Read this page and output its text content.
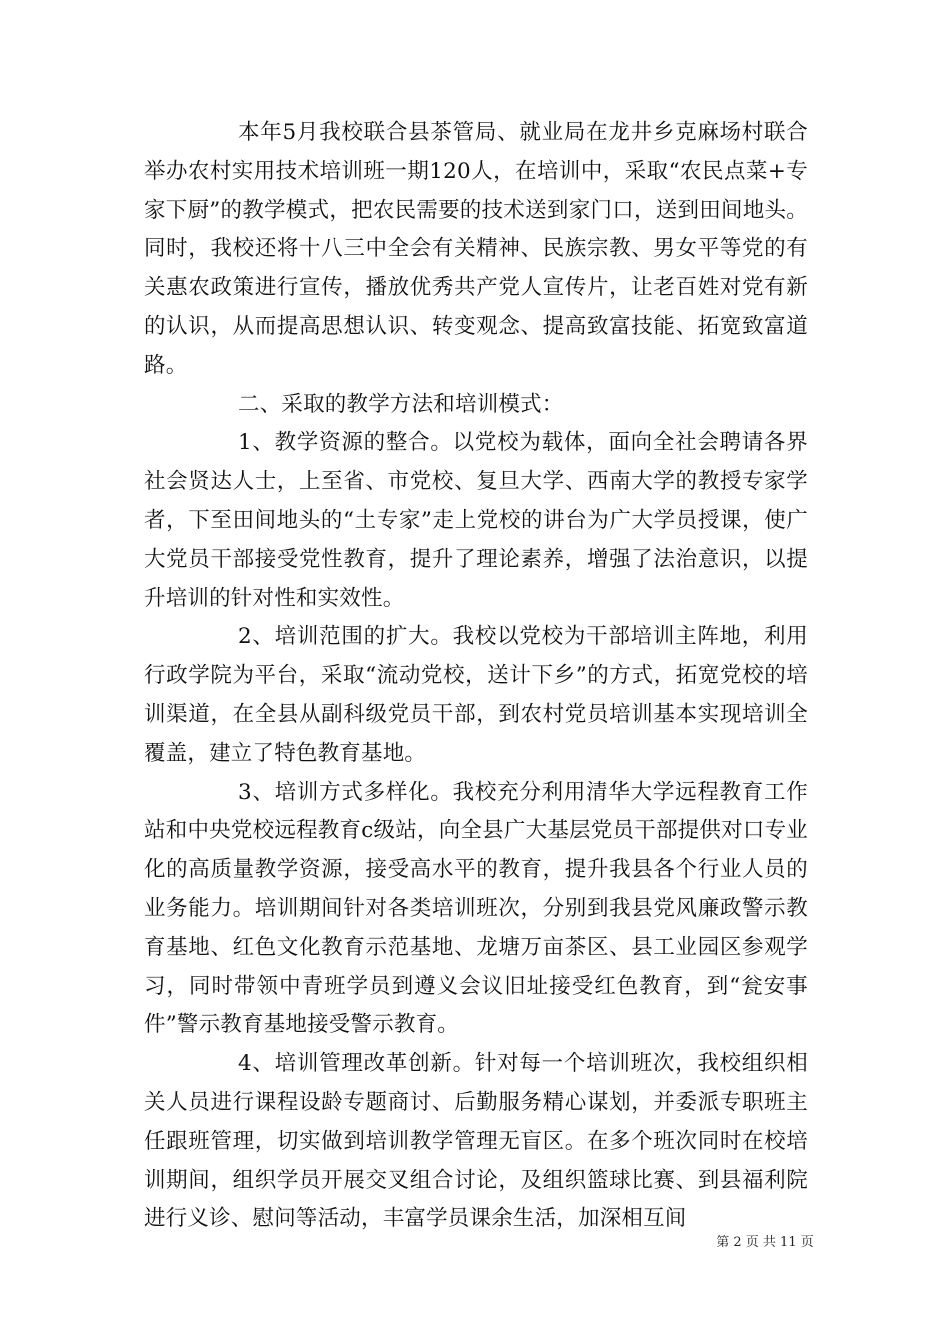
本年5月我校联合县茶管局、就业局在龙井乡克麻场村联合举办农村实用技术培训班一期120人，在培训中，采取“农民点菜+专家下厨”的教学模式，把农民需要的技术送到家门口，送到田间地头。同时，我校还将十八三中全会有关精神、民族宗教、男女平等党的有关惠农政策进行宣传，播放优秀共产党人宣传片，让老百姓对党有新的认识，从而提高思想认识、转变观念、提高致富技能、拓宽致富道路。

二、采取的教学方法和培训模式：

1、教学资源的整合。以党校为载体，面向全社会聘请各界社会贤达人士，上至省、市党校、复旦大学、西南大学的教授专家学者，下至田间地头的“土专家”走上党校的讲台为广大学员授课，使广大党员干部接受党性教育，提升了理论素养，增强了法治意识，以提升培训的针对性和实效性。

2、培训范围的扩大。我校以党校为干部培训主阵地，利用行政学院为平台，采取“流动党校，送计下乡”的方式，拓宽党校的培训渠道，在全县从副科级党员干部，到农村党员培训基本实现培训全覆盖，建立了特色教育基地。

3、培训方式多样化。我校充分利用清华大学远程教育工作站和中央党校远程教育c级站，向全县广大基层党员干部提供对口专业化的高质量教学资源，接受高水平的教育，提升我县各个行业人员的业务能力。培训期间针对各类培训班次，分别到我县党风廉政警示教育基地、红色文化教育示范基地、龙塘万亩茶区、县工业园区参观学习，同时带领中青班学员到遵义会议旧址接受红色教育，到“瓮安事件”警示教育基地接受警示教育。

4、培训管理改革创新。针对每一个培训班次，我校组织相关人员进行课程设龄专题商讨、后勤服务精心谋划，并委派专职班主任跟班管理，切实做到培训教学管理无盲区。在多个班次同时在校培训期间，组织学员开展交叉组合讨论，及组织篮球比赛、到县福利院进行义诊、慰问等活动，丰富学员课余生活，加深相互间

第 2 页 共 11 页
